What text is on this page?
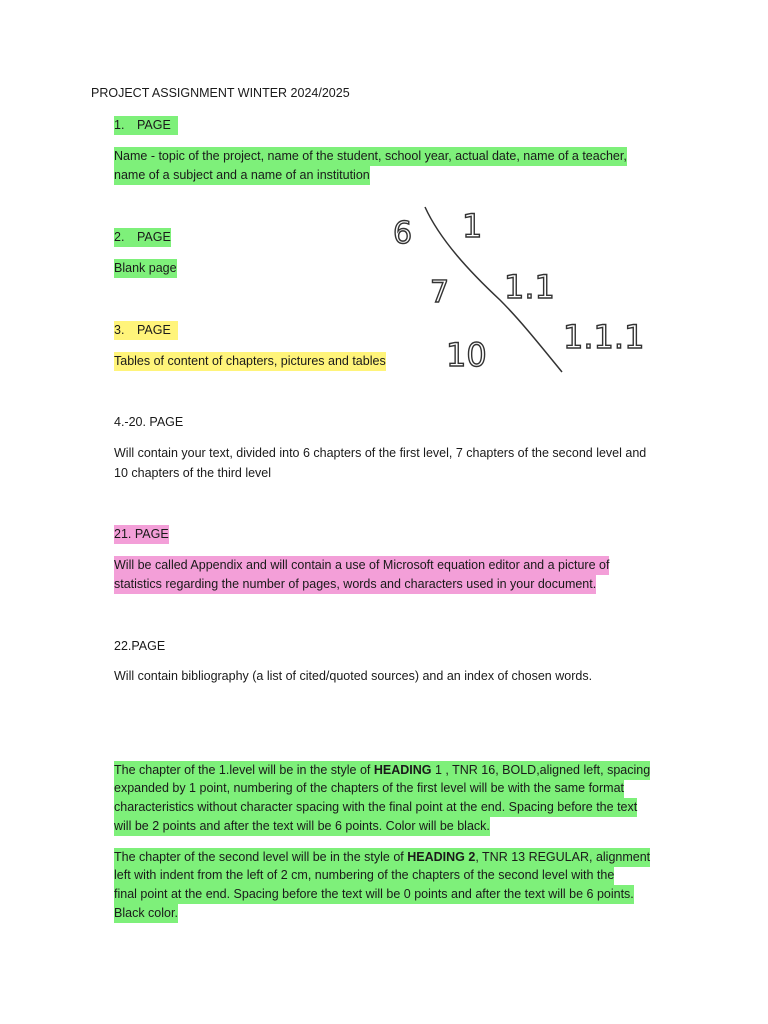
PROJECT ASSIGNMENT WINTER 2024/2025
1. PAGE
Name - topic of the project, name of the student, school year, actual date, name of a teacher,
name of a subject and a name of an institution
2. PAGE
Blank page
3. PAGE
Tables of content of chapters, pictures and tables
4.-20. PAGE
Will contain your text, divided into 6 chapters of the first level, 7 chapters of the second level and
10 chapters of the third level
21. PAGE
Will be called Appendix and will contain a use of Microsoft equation editor and a picture of
statistics regarding the number of pages, words and characters used in your document.
22.PAGE
Will contain bibliography (a list of cited/quoted sources) and an index of chosen words.
The chapter of the 1.level will be in the style of HEADING 1 , TNR 16, BOLD,aligned left, spacing
expanded by 1 point, numbering of the chapters of the first level will be with the same format
characteristics without character spacing with the final point at the end. Spacing before the text
will be 2 points and after the text will be 6 points. Color will be black.
The chapter of the second level will be in the style of HEADING 2, TNR 13 REGULAR, alignment
left with indent from the left of 2 cm, numbering of the chapters of the second level with the
final point at the end. Spacing before the text will be 0 points and after the text will be 6 points.
Black color.
6 1
7 1.1
10 1.1.1
